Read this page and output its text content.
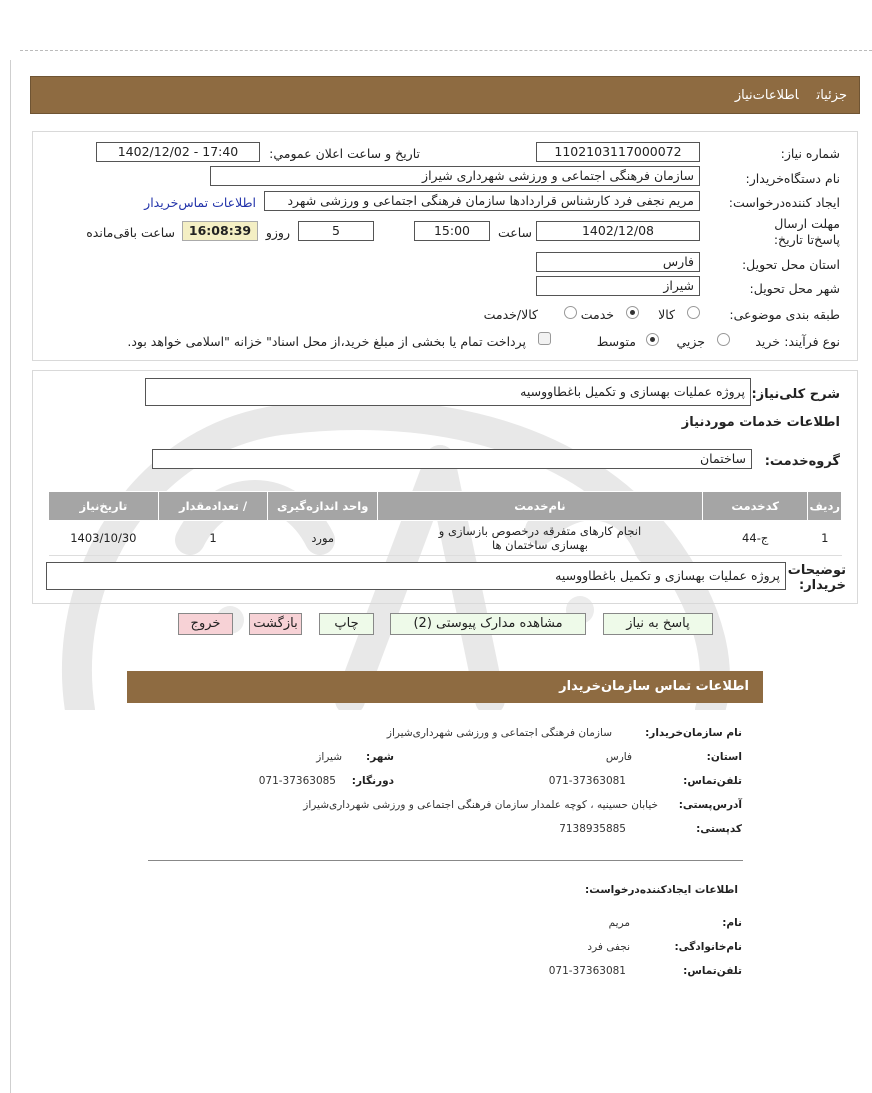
جزئیاتاطلاعات‌نیاز
شماره نیاز:
1102103117000072
تاریخ و ساعت اعلان عمومي:
1402/12/02 - 17:40
نام دستگاه‌خریدار:
سازمان فرهنگی اجتماعی و ورزشی شهرداری شیراز
ایجاد کننده‌درخواست:
مریم نجفی فرد کارشناس قراردادها سازمان فرهنگی اجتماعی و ورزشی شهرد
اطلاعات تماس‌خریدار
مهلت ارسال پاسخ‌تا تاریخ:
1402/12/08
ساعت
15:00
5
روزو
16:08:39
ساعت باقی‌مانده
استان محل تحویل:
فارس
شهر محل تحویل:
شیراز
طبقه بندی موضوعی:
کالا
خدمت
کالا/خدمت
نوع فرآیند:
خرید
جزیي
متوسط
پرداخت تمام یا بخشی از مبلغ خرید،از محل اسناد" خزانه "اسلامی خواهد بود.
شرح کلی‌نیاز:
پروژه عملیات بهسازی و تکمیل باغطاووسیه
اطلاعات خدمات موردنیاز
گروه‌خدمت:
ساختمان
ردیف	کدخدمت	نام‌خدمت	واحد اندازه‌گیری	/ تعدادمقدار	تاریخ‌نیاز
1	ج-44	انجام کارهای متفرقه درخصوص بازسازی و بهسازی ساختمان ها	مورد	1	1403/10/30
توضیحات خریدار:
پروژه عملیات بهسازی و تکمیل باغطاووسیه
پاسخ به نیاز
مشاهده مدارک پیوستی (2)
چاپ
بازگشت
خروج
اطلاعات تماس سازمان‌خریدار
نام سازمان‌خریدار:
سازمان فرهنگی اجتماعی و ورزشی شهرداری‌شیراز
استان:
فارس
شهر:
شیراز
تلفن‌تماس:
071-37363081
دورنگار:
071-37363085
آدرس‌پستی:
خیابان حسینیه ، کوچه علمدار سازمان فرهنگی اجتماعی و ورزشی شهرداری‌شیراز
کد‌پستی:
7138935885
اطلاعات ایجادکننده‌درخواست:
نام:
مریم
نام‌خانوادگی:
نجفی فرد
تلفن‌تماس:
071-37363081
